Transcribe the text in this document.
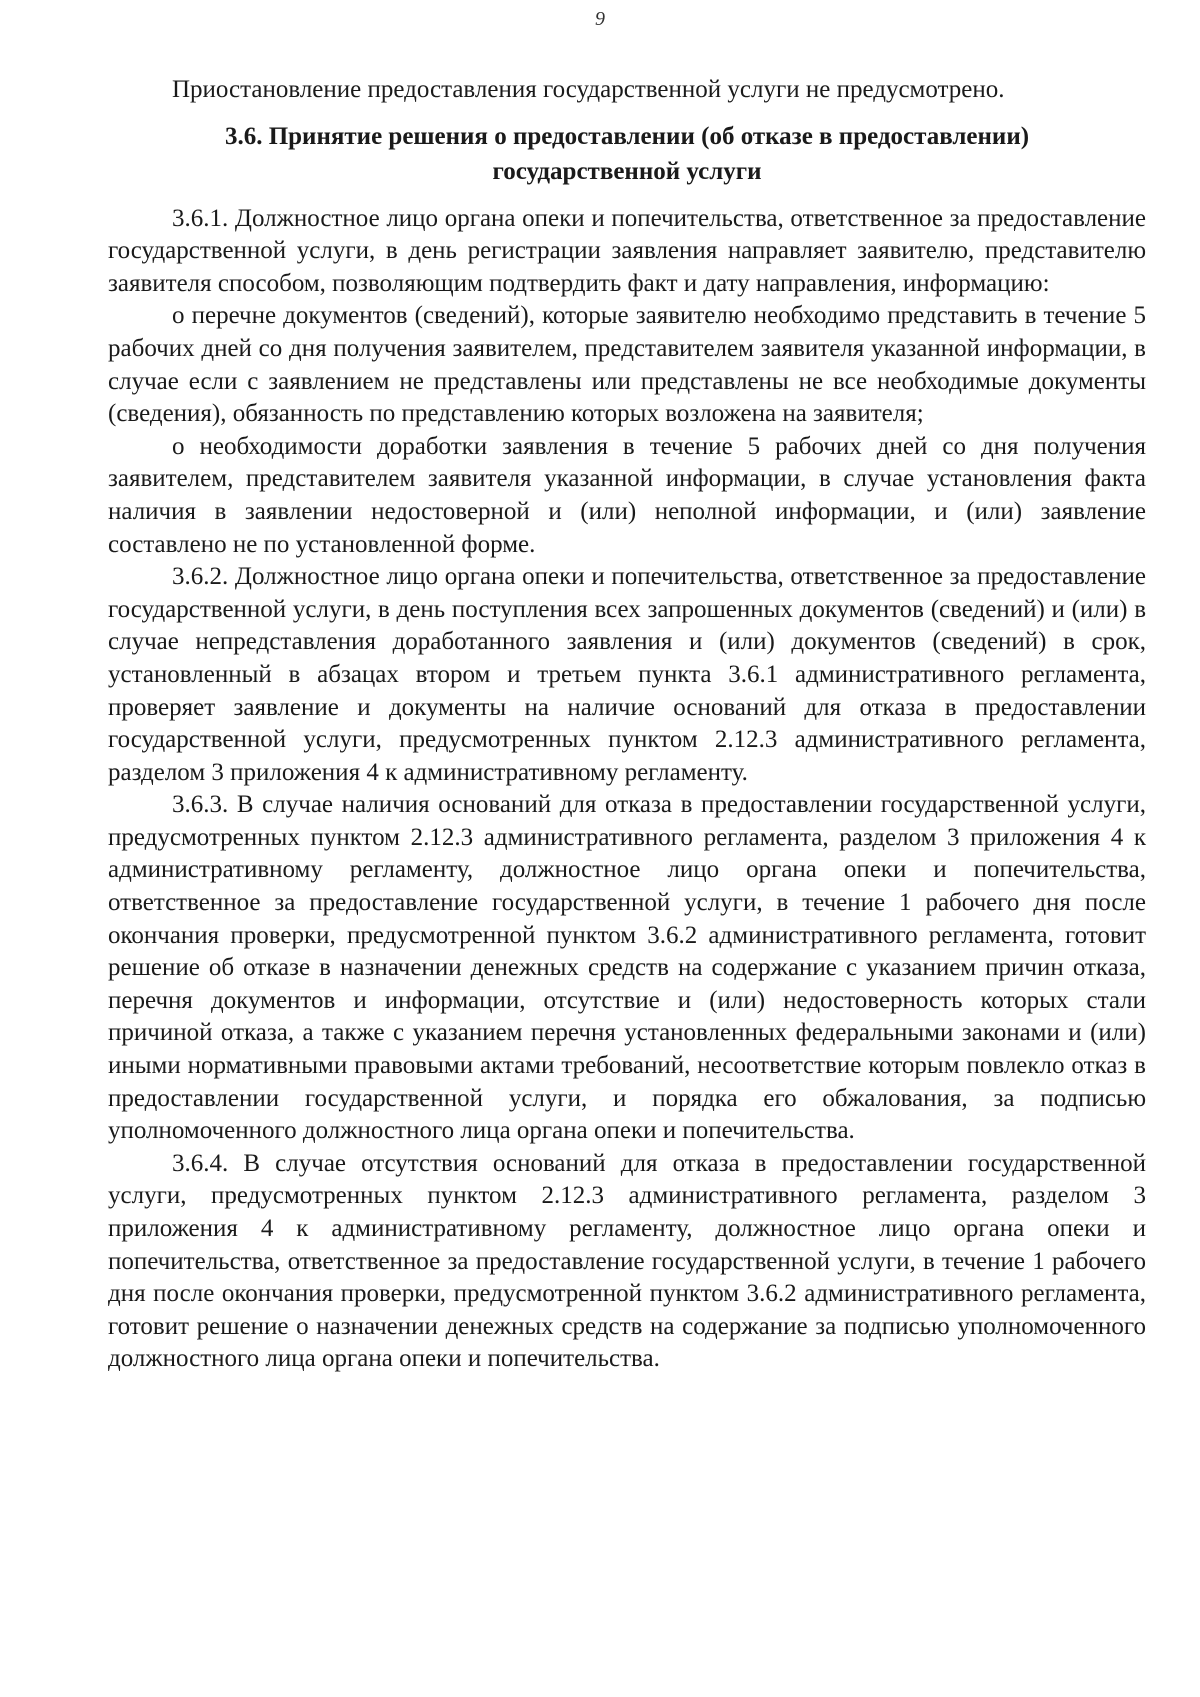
9

Приостановление предоставления государственной услуги не предусмотрено.

3.6. Принятие решения о предоставлении (об отказе в предоставлении) государственной услуги

3.6.1. Должностное лицо органа опеки и попечительства, ответственное за предоставление государственной услуги, в день регистрации заявления направляет заявителю, представителю заявителя способом, позволяющим подтвердить факт и дату направления, информацию:

о перечне документов (сведений), которые заявителю необходимо представить в течение 5 рабочих дней со дня получения заявителем, представителем заявителя указанной информации, в случае если с заявлением не представлены или представлены не все необходимые документы (сведения), обязанность по представлению которых возложена на заявителя;

о необходимости доработки заявления в течение 5 рабочих дней со дня получения заявителем, представителем заявителя указанной информации, в случае установления факта наличия в заявлении недостоверной и (или) неполной информации, и (или) заявление составлено не по установленной форме.

3.6.2. Должностное лицо органа опеки и попечительства, ответственное за предоставление государственной услуги, в день поступления всех запрошенных документов (сведений) и (или) в случае непредставления доработанного заявления и (или) документов (сведений) в срок, установленный в абзацах втором и третьем пункта 3.6.1 административного регламента, проверяет заявление и документы на наличие оснований для отказа в предоставлении государственной услуги, предусмотренных пунктом 2.12.3 административного регламента, разделом 3 приложения 4 к административному регламенту.

3.6.3. В случае наличия оснований для отказа в предоставлении государственной услуги, предусмотренных пунктом 2.12.3 административного регламента, разделом 3 приложения 4 к административному регламенту, должностное лицо органа опеки и попечительства, ответственное за предоставление государственной услуги, в течение 1 рабочего дня после окончания проверки, предусмотренной пунктом 3.6.2 административного регламента, готовит решение об отказе в назначении денежных средств на содержание с указанием причин отказа, перечня документов и информации, отсутствие и (или) недостоверность которых стали причиной отказа, а также с указанием перечня установленных федеральными законами и (или) иными нормативными правовыми актами требований, несоответствие которым повлекло отказ в предоставлении государственной услуги, и порядка его обжалования, за подписью уполномоченного должностного лица органа опеки и попечительства.

3.6.4. В случае отсутствия оснований для отказа в предоставлении государственной услуги, предусмотренных пунктом 2.12.3 административного регламента, разделом 3 приложения 4 к административному регламенту, должностное лицо органа опеки и попечительства, ответственное за предоставление государственной услуги, в течение 1 рабочего дня после окончания проверки, предусмотренной пунктом 3.6.2 административного регламента, готовит решение о назначении денежных средств на содержание за подписью уполномоченного должностного лица органа опеки и попечительства.
